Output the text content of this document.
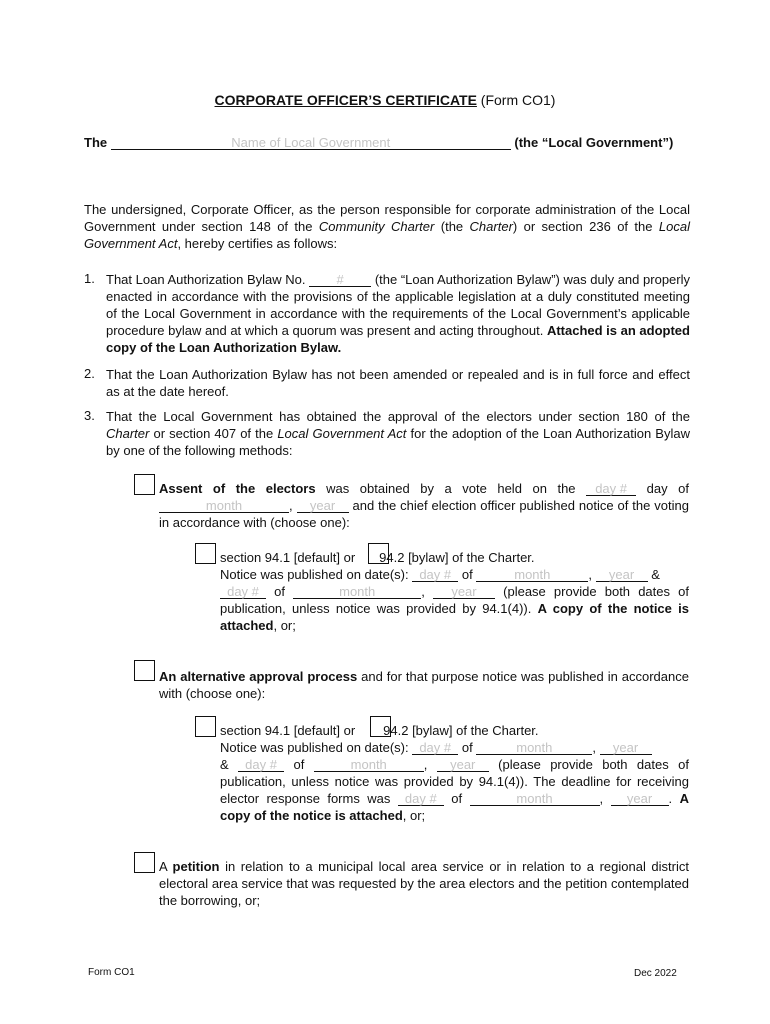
CORPORATE OFFICER’S CERTIFICATE (Form CO1)
The	Name of Local Government	(the “Local Government”)
The undersigned, Corporate Officer, as the person responsible for corporate administration of the Local Government under section 148 of the Community Charter (the Charter) or section 236 of the Local Government Act, hereby certifies as follows:
1. That Loan Authorization Bylaw No. # (the “Loan Authorization Bylaw”) was duly and properly enacted in accordance with the provisions of the applicable legislation at a duly constituted meeting of the Local Government in accordance with the requirements of the Local Government’s applicable procedure bylaw and at which a quorum was present and acting throughout. Attached is an adopted copy of the Loan Authorization Bylaw.
2. That the Loan Authorization Bylaw has not been amended or repealed and is in full force and effect as at the date hereof.
3. That the Local Government has obtained the approval of the electors under section 180 of the Charter or section 407 of the Local Government Act for the adoption of the Loan Authorization Bylaw by one of the following methods:
Assent of the electors was obtained by a vote held on the day # day of month	, year and the chief election officer published notice of the voting in accordance with (choose one):
section 94.1 [default] or 94.2 [bylaw] of the Charter.
Notice was published on date(s): day # of	month	, year &
day # of	month	, year (please provide both dates of publication, unless notice was provided by 94.1(4)). A copy of the notice is attached, or;
An alternative approval process and for that purpose notice was published in accordance with (choose one):
section 94.1 [default] or 94.2 [bylaw] of the Charter.
Notice was published on date(s): day # of	month	, year
& day # of	month	, year (please provide both dates of publication, unless notice was provided by 94.1(4)). The deadline for receiving elector response forms was day # of	month	, year . A copy of the notice is attached, or;
A petition in relation to a municipal local area service or in relation to a regional district electoral area service that was requested by the area electors and the petition contemplated the borrowing, or;
Form CO1	Dec 2022
